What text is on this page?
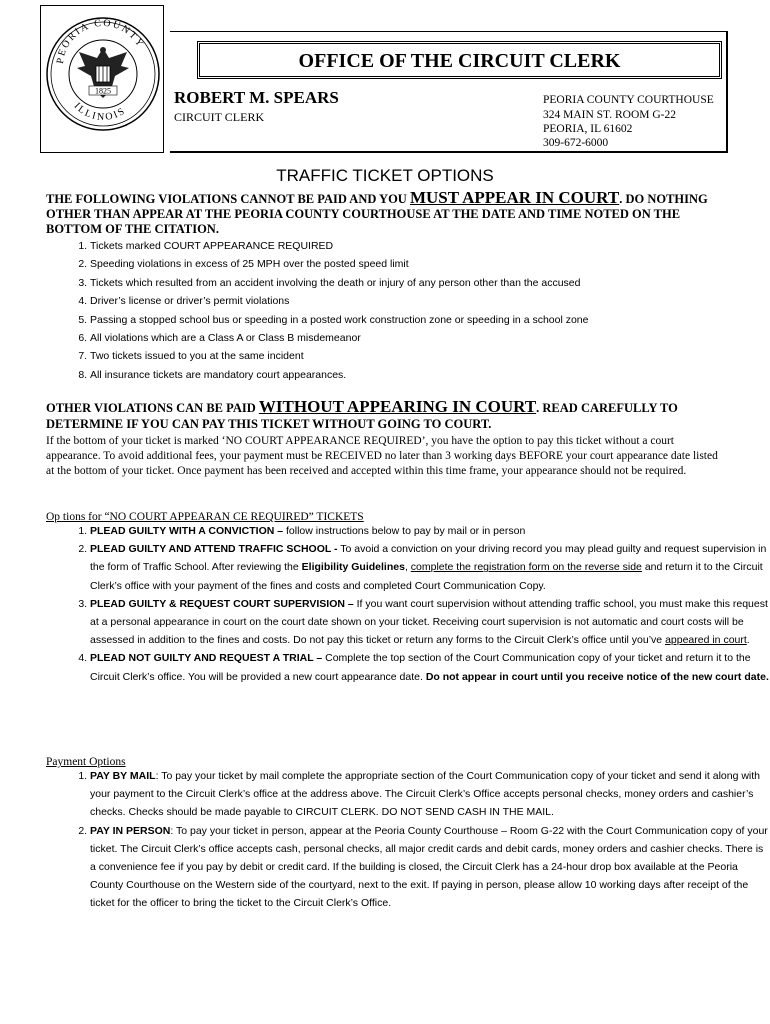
PEORIA COUNTY
ILLINOIS
1825
OFFICE OF THE CIRCUIT CLERK
ROBERT M. SPEARS
CIRCUIT CLERK
PEORIA COUNTY COURTHOUSE
324 MAIN ST. ROOM G-22
PEORIA, IL 61602
309-672-6000
TRAFFIC TICKET OPTIONS
THE FOLLOWING VIOLATIONS CANNOT BE PAID AND YOU MUST APPEAR IN COURT. DO NOTHING OTHER THAN APPEAR AT THE PEORIA COUNTY COURTHOUSE AT THE DATE AND TIME NOTED ON THE BOTTOM OF THE CITATION.
1. Tickets marked COURT APPEARANCE REQUIRED
2. Speeding violations in excess of 25 MPH over the posted speed limit
3. Tickets which resulted from an accident involving the death or injury of any person other than the accused
4. Driver’s license or driver’s permit violations
5. Passing a stopped school bus or speeding in a posted work construction zone or speeding in a school zone
6. All violations which are a Class A or Class B misdemeanor
7. Two tickets issued to you at the same incident
8. All insurance tickets are mandatory court appearances.
OTHER VIOLATIONS CAN BE PAID WITHOUT APPEARING IN COURT. READ CAREFULLY TO DETERMINE IF YOU CAN PAY THIS TICKET WITHOUT GOING TO COURT.
If the bottom of your ticket is marked ‘NO COURT APPEARANCE REQUIRED’, you have the option to pay this ticket without a court appearance. To avoid additional fees, your payment must be RECEIVED no later than 3 working days BEFORE your court appearance date listed at the bottom of your ticket. Once payment has been received and accepted within this time frame, your appearance should not be required.
Op tions for “NO COURT APPEARAN CE REQUIRED” TICKETS
1. PLEAD GUILTY WITH A CONVICTION – follow instructions below to pay by mail or in person
2. PLEAD GUILTY AND ATTEND TRAFFIC SCHOOL - To avoid a conviction on your driving record you may plead guilty and request supervision in the form of Traffic School. After reviewing the Eligibility Guidelines, complete the registration form on the reverse side and return it to the Circuit Clerk’s office with your payment of the fines and costs and completed Court Communication Copy.
3. PLEAD GUILTY & REQUEST COURT SUPERVISION – If you want court supervision without attending traffic school, you must make this request at a personal appearance in court on the court date shown on your ticket. Receiving court supervision is not automatic and court costs will be assessed in addition to the fines and costs. Do not pay this ticket or return any forms to the Circuit Clerk’s office until you’ve appeared in court.
4. PLEAD NOT GUILTY AND REQUEST A TRIAL – Complete the top section of the Court Communication copy of your ticket and return it to the Circuit Clerk’s office. You will be provided a new court appearance date. Do not appear in court until you receive notice of the new court date.
Payment Options
1. PAY BY MAIL: To pay your ticket by mail complete the appropriate section of the Court Communication copy of your ticket and send it along with your payment to the Circuit Clerk’s office at the address above. The Circuit Clerk’s Office accepts personal checks, money orders and cashier’s checks. Checks should be made payable to CIRCUIT CLERK. DO NOT SEND CASH IN THE MAIL.
2. PAY IN PERSON: To pay your ticket in person, appear at the Peoria County Courthouse – Room G-22 with the Court Communication copy of your ticket. The Circuit Clerk’s office accepts cash, personal checks, all major credit cards and debit cards, money orders and cashier checks. There is a convenience fee if you pay by debit or credit card. If the building is closed, the Circuit Clerk has a 24-hour drop box available at the Peoria County Courthouse on the Western side of the courtyard, next to the exit. If paying in person, please allow 10 working days after receipt of the ticket for the officer to bring the ticket to the Circuit Clerk’s Office.
